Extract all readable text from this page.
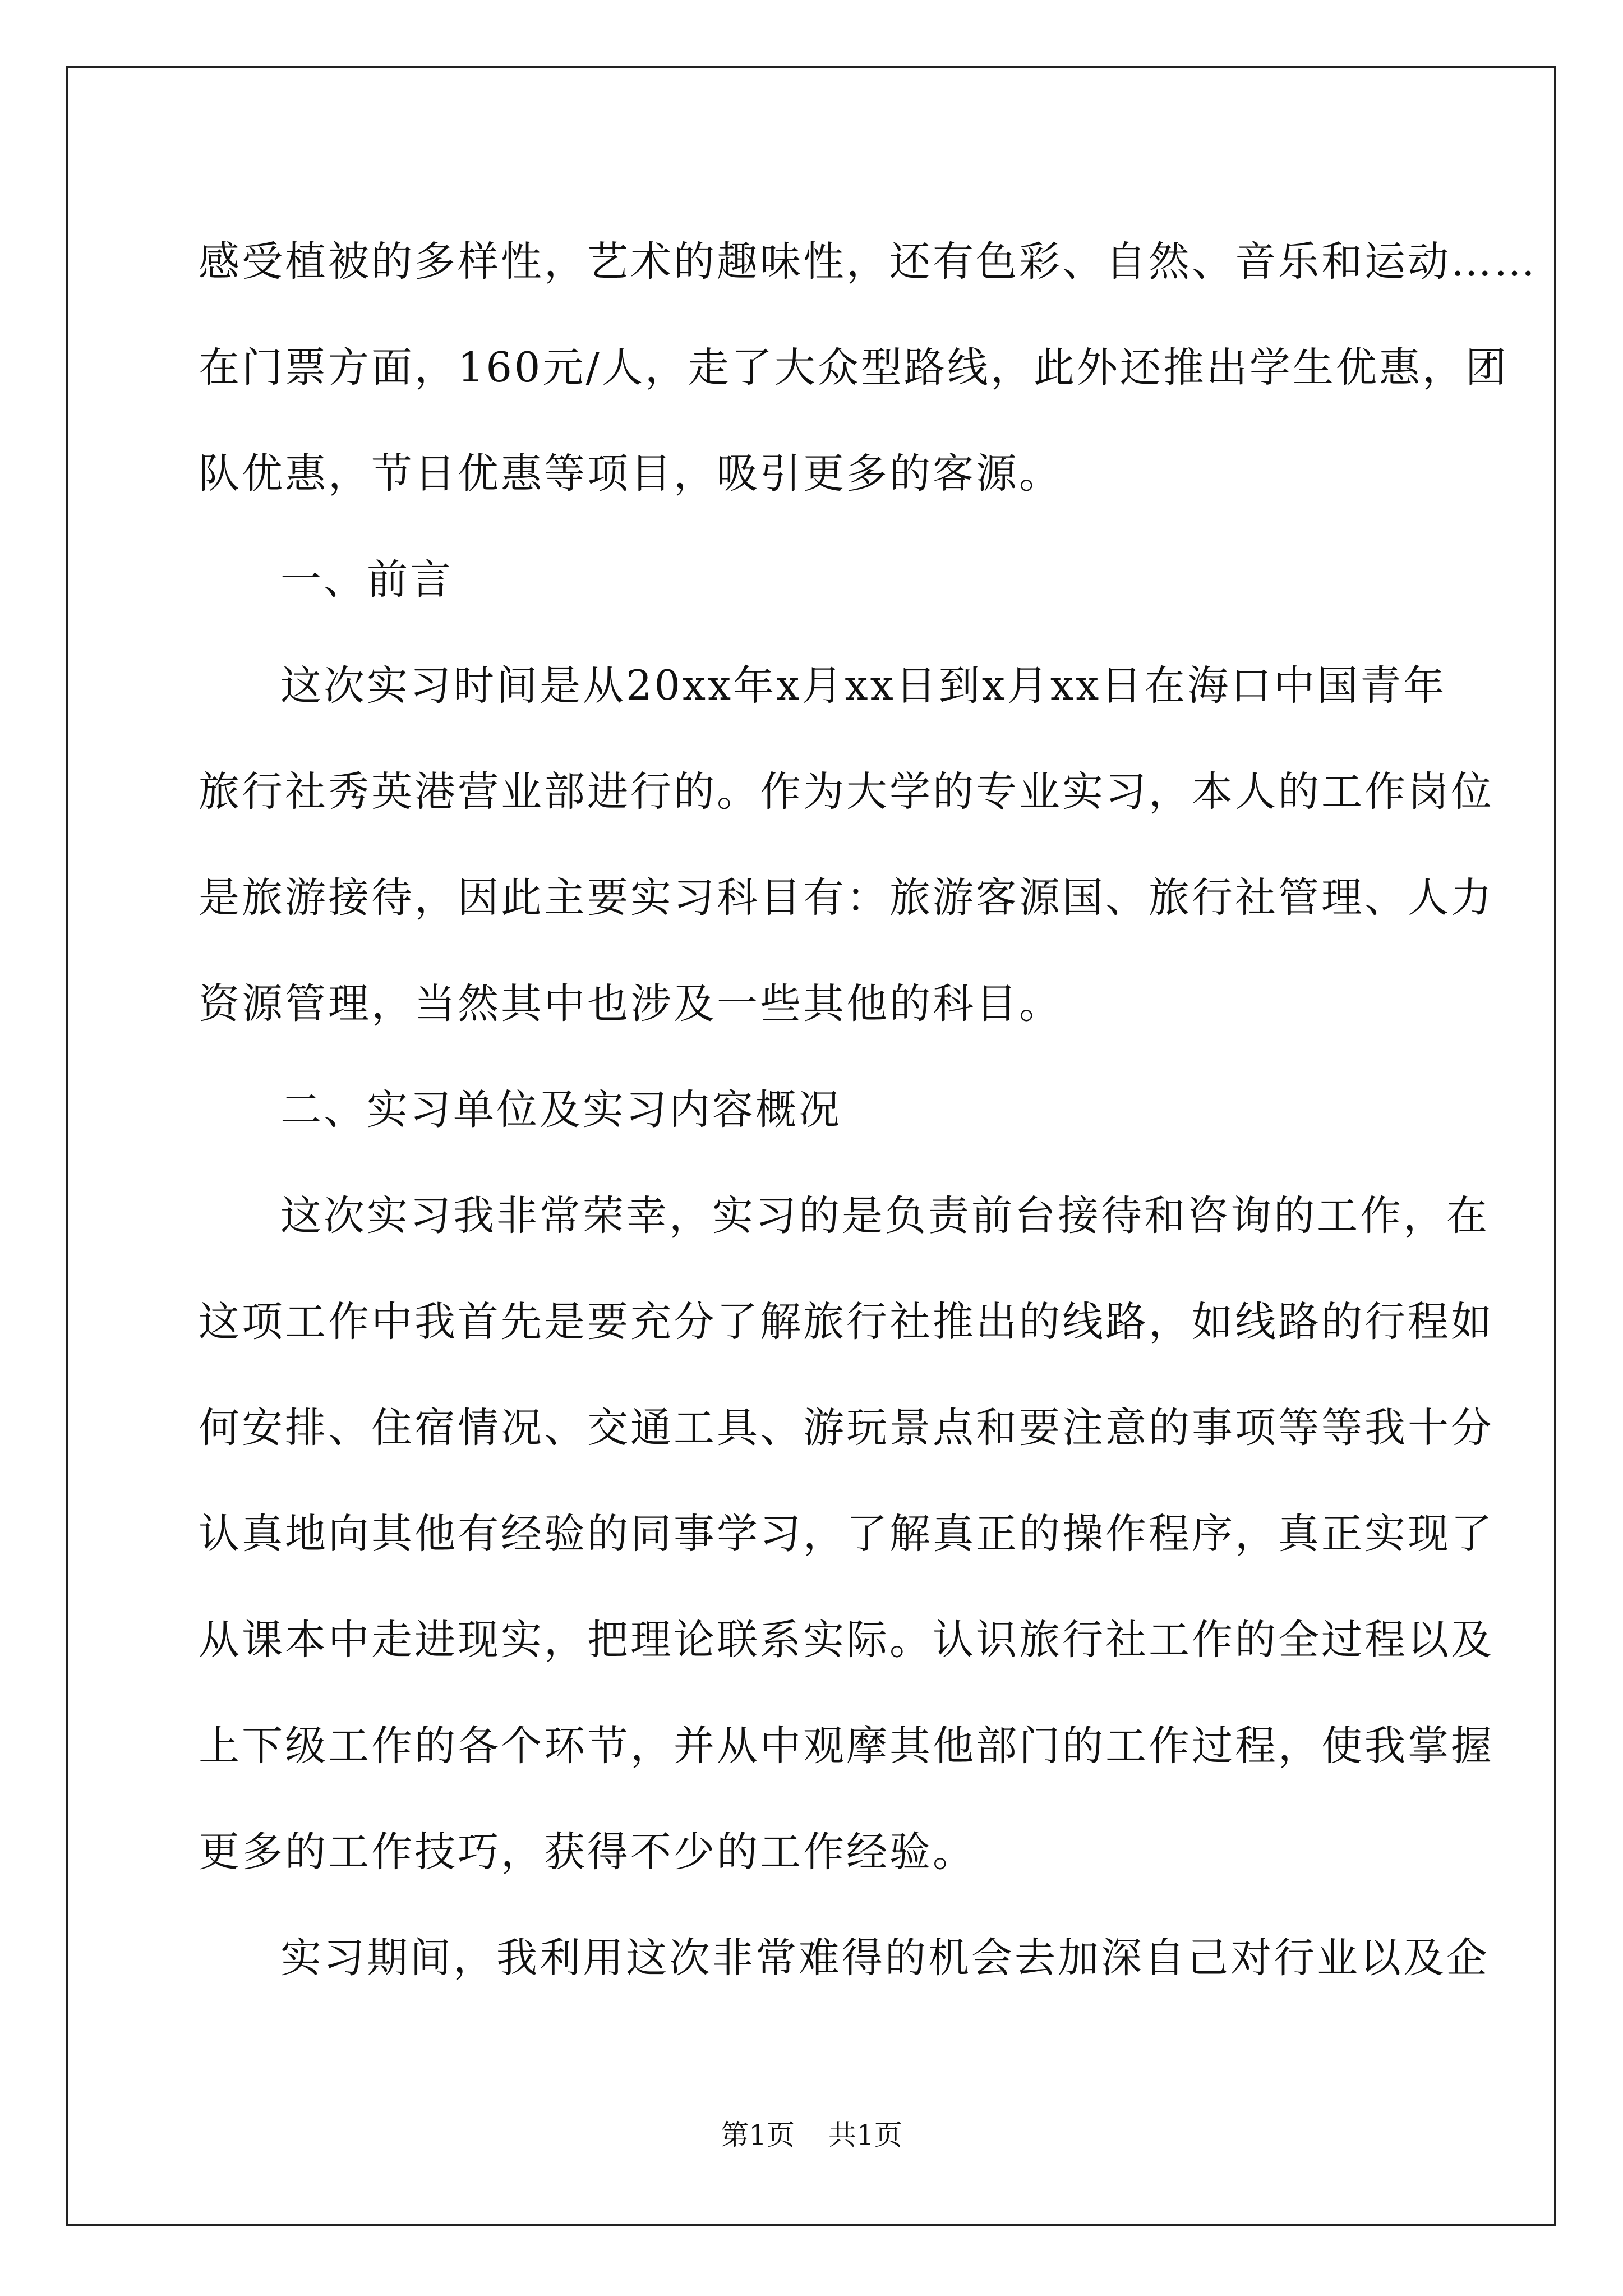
感受植被的多样性，艺术的趣味性，还有色彩、自然、音乐和运动……
在门票方面，160元/人，走了大众型路线，此外还推出学生优惠，团
队优惠，节日优惠等项目，吸引更多的客源。
一、前言
这次实习时间是从20xx年x月xx日到x月xx日在海口中国青年
旅行社秀英港营业部进行的。作为大学的专业实习，本人的工作岗位
是旅游接待，因此主要实习科目有：旅游客源国、旅行社管理、人力
资源管理，当然其中也涉及一些其他的科目。
二、实习单位及实习内容概况
这次实习我非常荣幸，实习的是负责前台接待和咨询的工作，在
这项工作中我首先是要充分了解旅行社推出的线路，如线路的行程如
何安排、住宿情况、交通工具、游玩景点和要注意的事项等等我十分
认真地向其他有经验的同事学习，了解真正的操作程序，真正实现了
从课本中走进现实，把理论联系实际。认识旅行社工作的全过程以及
上下级工作的各个环节，并从中观摩其他部门的工作过程，使我掌握
更多的工作技巧，获得不少的工作经验。
实习期间，我利用这次非常难得的机会去加深自己对行业以及企
第1页 共1页
